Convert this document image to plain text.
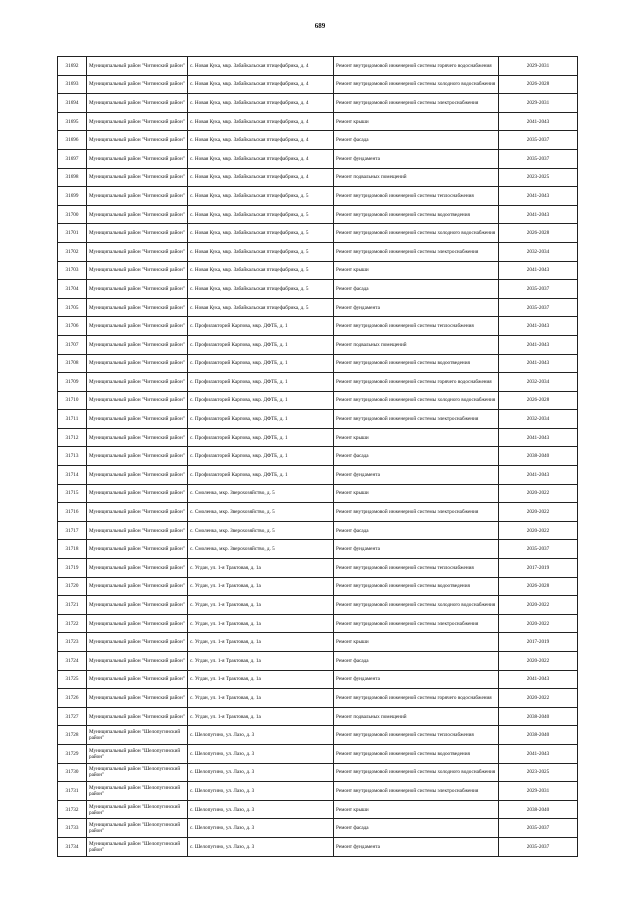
689
31692	Муниципальный район "Читинский район"	с. Новая Кука, мкр. Забайкальская птицефабрика, д. 4	Ремонт внутридомовой инженерной системы горячего водоснабжения	2029-2031
31693	Муниципальный район "Читинский район"	с. Новая Кука, мкр. Забайкальская птицефабрика, д. 4	Ремонт внутридомовой инженерной системы холодного водоснабжения	2026-2028
31694	Муниципальный район "Читинский район"	с. Новая Кука, мкр. Забайкальская птицефабрика, д. 4	Ремонт внутридомовой инженерной системы электроснабжения	2029-2031
31695	Муниципальный район "Читинский район"	с. Новая Кука, мкр. Забайкальская птицефабрика, д. 4	Ремонт крыши	2041-2043
31696	Муниципальный район "Читинский район"	с. Новая Кука, мкр. Забайкальская птицефабрика, д. 4	Ремонт фасада	2035-2037
31697	Муниципальный район "Читинский район"	с. Новая Кука, мкр. Забайкальская птицефабрика, д. 4	Ремонт фундамента	2035-2037
31698	Муниципальный район "Читинский район"	с. Новая Кука, мкр. Забайкальская птицефабрика, д. 4	Ремонт подвальных помещений	2023-2025
31699	Муниципальный район "Читинский район"	с. Новая Кука, мкр. Забайкальская птицефабрика, д. 5	Ремонт внутридомовой инженерной системы теплоснабжения	2041-2043
31700	Муниципальный район "Читинский район"	с. Новая Кука, мкр. Забайкальская птицефабрика, д. 5	Ремонт внутридомовой инженерной системы водоотведения	2041-2043
31701	Муниципальный район "Читинский район"	с. Новая Кука, мкр. Забайкальская птицефабрика, д. 5	Ремонт внутридомовой инженерной системы холодного водоснабжения	2026-2028
31702	Муниципальный район "Читинский район"	с. Новая Кука, мкр. Забайкальская птицефабрика, д. 5	Ремонт внутридомовой инженерной системы электроснабжения	2032-2034
31703	Муниципальный район "Читинский район"	с. Новая Кука, мкр. Забайкальская птицефабрика, д. 5	Ремонт крыши	2041-2043
31704	Муниципальный район "Читинский район"	с. Новая Кука, мкр. Забайкальская птицефабрика, д. 5	Ремонт фасада	2035-2037
31705	Муниципальный район "Читинский район"	с. Новая Кука, мкр. Забайкальская птицефабрика, д. 5	Ремонт фундамента	2035-2037
31706	Муниципальный район "Читинский район"	с. Профилакторий Карпова, мкр. ДФТБ, д. 1	Ремонт внутридомовой инженерной системы теплоснабжения	2041-2043
31707	Муниципальный район "Читинский район"	с. Профилакторий Карпова, мкр. ДФТБ, д. 1	Ремонт подвальных помещений	2041-2043
31708	Муниципальный район "Читинский район"	с. Профилакторий Карпова, мкр. ДФТБ, д. 1	Ремонт внутридомовой инженерной системы водоотведения	2041-2043
31709	Муниципальный район "Читинский район"	с. Профилакторий Карпова, мкр. ДФТБ, д. 1	Ремонт внутридомовой инженерной системы горячего водоснабжения	2032-2034
31710	Муниципальный район "Читинский район"	с. Профилакторий Карпова, мкр. ДФТБ, д. 1	Ремонт внутридомовой инженерной системы холодного водоснабжения	2026-2028
31711	Муниципальный район "Читинский район"	с. Профилакторий Карпова, мкр. ДФТБ, д. 1	Ремонт внутридомовой инженерной системы электроснабжения	2032-2034
31712	Муниципальный район "Читинский район"	с. Профилакторий Карпова, мкр. ДФТБ, д. 1	Ремонт крыши	2041-2043
31713	Муниципальный район "Читинский район"	с. Профилакторий Карпова, мкр. ДФТБ, д. 1	Ремонт фасада	2038-2040
31714	Муниципальный район "Читинский район"	с. Профилакторий Карпова, мкр. ДФТБ, д. 1	Ремонт фундамента	2041-2043
31715	Муниципальный район "Читинский район"	с. Смоленка, мкр. Зверохозяйство, д. 5	Ремонт крыши	2020-2022
31716	Муниципальный район "Читинский район"	с. Смоленка, мкр. Зверохозяйство, д. 5	Ремонт внутридомовой инженерной системы электроснабжения	2020-2022
31717	Муниципальный район "Читинский район"	с. Смоленка, мкр. Зверохозяйство, д. 5	Ремонт фасада	2020-2022
31718	Муниципальный район "Читинский район"	с. Смоленка, мкр. Зверохозяйство, д. 5	Ремонт фундамента	2035-2037
31719	Муниципальный район "Читинский район"	с. Угдан, ул. 1-я Трактовая, д. 1а	Ремонт внутридомовой инженерной системы теплоснабжения	2017-2019
31720	Муниципальный район "Читинский район"	с. Угдан, ул. 1-я Трактовая, д. 1а	Ремонт внутридомовой инженерной системы водоотведения	2026-2028
31721	Муниципальный район "Читинский район"	с. Угдан, ул. 1-я Трактовая, д. 1а	Ремонт внутридомовой инженерной системы холодного водоснабжения	2020-2022
31722	Муниципальный район "Читинский район"	с. Угдан, ул. 1-я Трактовая, д. 1а	Ремонт внутридомовой инженерной системы электроснабжения	2020-2022
31723	Муниципальный район "Читинский район"	с. Угдан, ул. 1-я Трактовая, д. 1а	Ремонт крыши	2017-2019
31724	Муниципальный район "Читинский район"	с. Угдан, ул. 1-я Трактовая, д. 1а	Ремонт фасада	2020-2022
31725	Муниципальный район "Читинский район"	с. Угдан, ул. 1-я Трактовая, д. 1а	Ремонт фундамента	2041-2043
31726	Муниципальный район "Читинский район"	с. Угдан, ул. 1-я Трактовая, д. 1а	Ремонт внутридомовой инженерной системы горячего водоснабжения	2020-2022
31727	Муниципальный район "Читинский район"	с. Угдан, ул. 1-я Трактовая, д. 1а	Ремонт подвальных помещений	2038-2040
31728	Муниципальный район "Шелопугинский район"	с. Шелопугино, ул. Лазо, д. 3	Ремонт внутридомовой инженерной системы теплоснабжения	2038-2040
31729	Муниципальный район "Шелопугинский район"	с. Шелопугино, ул. Лазо, д. 3	Ремонт внутридомовой инженерной системы водоотведения	2041-2043
31730	Муниципальный район "Шелопугинский район"	с. Шелопугино, ул. Лазо, д. 3	Ремонт внутридомовой инженерной системы холодного водоснабжения	2023-2025
31731	Муниципальный район "Шелопугинский район"	с. Шелопугино, ул. Лазо, д. 3	Ремонт внутридомовой инженерной системы электроснабжения	2029-2031
31732	Муниципальный район "Шелопугинский район"	с. Шелопугино, ул. Лазо, д. 3	Ремонт крыши	2038-2040
31733	Муниципальный район "Шелопугинский район"	с. Шелопугино, ул. Лазо, д. 3	Ремонт фасада	2035-2037
31734	Муниципальный район "Шелопугинский район"	с. Шелопугино, ул. Лазо, д. 3	Ремонт фундамента	2035-2037
